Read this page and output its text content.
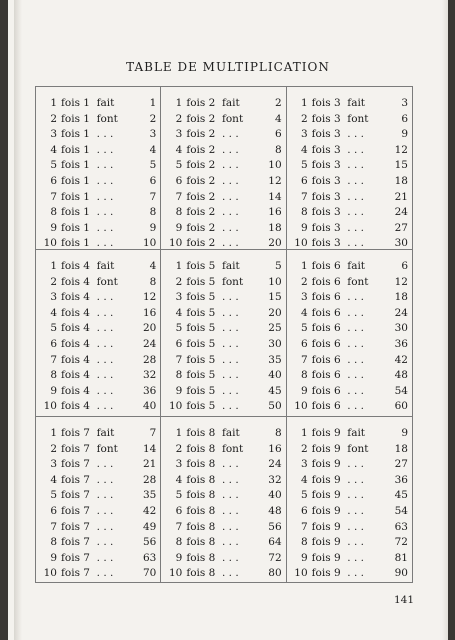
TABLE DE MULTIPLICATION
1 fois 1  fait	1
2 fois 1  font	2
3 fois 1  . . .	3
4 fois 1  . . .	4
5 fois 1  . . .	5
6 fois 1  . . .	6
7 fois 1  . . .	7
8 fois 1  . . .	8
9 fois 1  . . .	9
10 fois 1  . . .	10
1 fois 2  fait	2
2 fois 2  font	4
3 fois 2  . . .	6
4 fois 2  . . .	8
5 fois 2  . . .	10
6 fois 2  . . .	12
7 fois 2  . . .	14
8 fois 2  . . .	16
9 fois 2  . . .	18
10 fois 2  . . .	20
1 fois 3  fait	3
2 fois 3  font	6
3 fois 3  . . .	9
4 fois 3  . . .	12
5 fois 3  . . .	15
6 fois 3  . . .	18
7 fois 3  . . .	21
8 fois 3  . . .	24
9 fois 3  . . .	27
10 fois 3  . . .	30
1 fois 4  fait	4
2 fois 4  font	8
3 fois 4  . . .	12
4 fois 4  . . .	16
5 fois 4  . . .	20
6 fois 4  . . .	24
7 fois 4  . . .	28
8 fois 4  . . .	32
9 fois 4  . . .	36
10 fois 4  . . .	40
1 fois 5  fait	5
2 fois 5  font	10
3 fois 5  . . .	15
4 fois 5  . . .	20
5 fois 5  . . .	25
6 fois 5  . . .	30
7 fois 5  . . .	35
8 fois 5  . . .	40
9 fois 5  . . .	45
10 fois 5  . . .	50
1 fois 6  fait	6
2 fois 6  font	12
3 fois 6  . . .	18
4 fois 6  . . .	24
5 fois 6  . . .	30
6 fois 6  . . .	36
7 fois 6  . . .	42
8 fois 6  . . .	48
9 fois 6  . . .	54
10 fois 6  . . .	60
1 fois 7  fait	7
2 fois 7  font	14
3 fois 7  . . .	21
4 fois 7  . . .	28
5 fois 7  . . .	35
6 fois 7  . . .	42
7 fois 7  . . .	49
8 fois 7  . . .	56
9 fois 7  . . .	63
10 fois 7  . . .	70
1 fois 8  fait	8
2 fois 8  font	16
3 fois 8  . . .	24
4 fois 8  . . .	32
5 fois 8  . . .	40
6 fois 8  . . .	48
7 fois 8  . . .	56
8 fois 8  . . .	64
9 fois 8  . . .	72
10 fois 8  . . .	80
1 fois 9  fait	9
2 fois 9  font	18
3 fois 9  . . .	27
4 fois 9  . . .	36
5 fois 9  . . .	45
6 fois 9  . . .	54
7 fois 9  . . .	63
8 fois 9  . . .	72
9 fois 9  . . .	81
10 fois 9  . . .	90
141
